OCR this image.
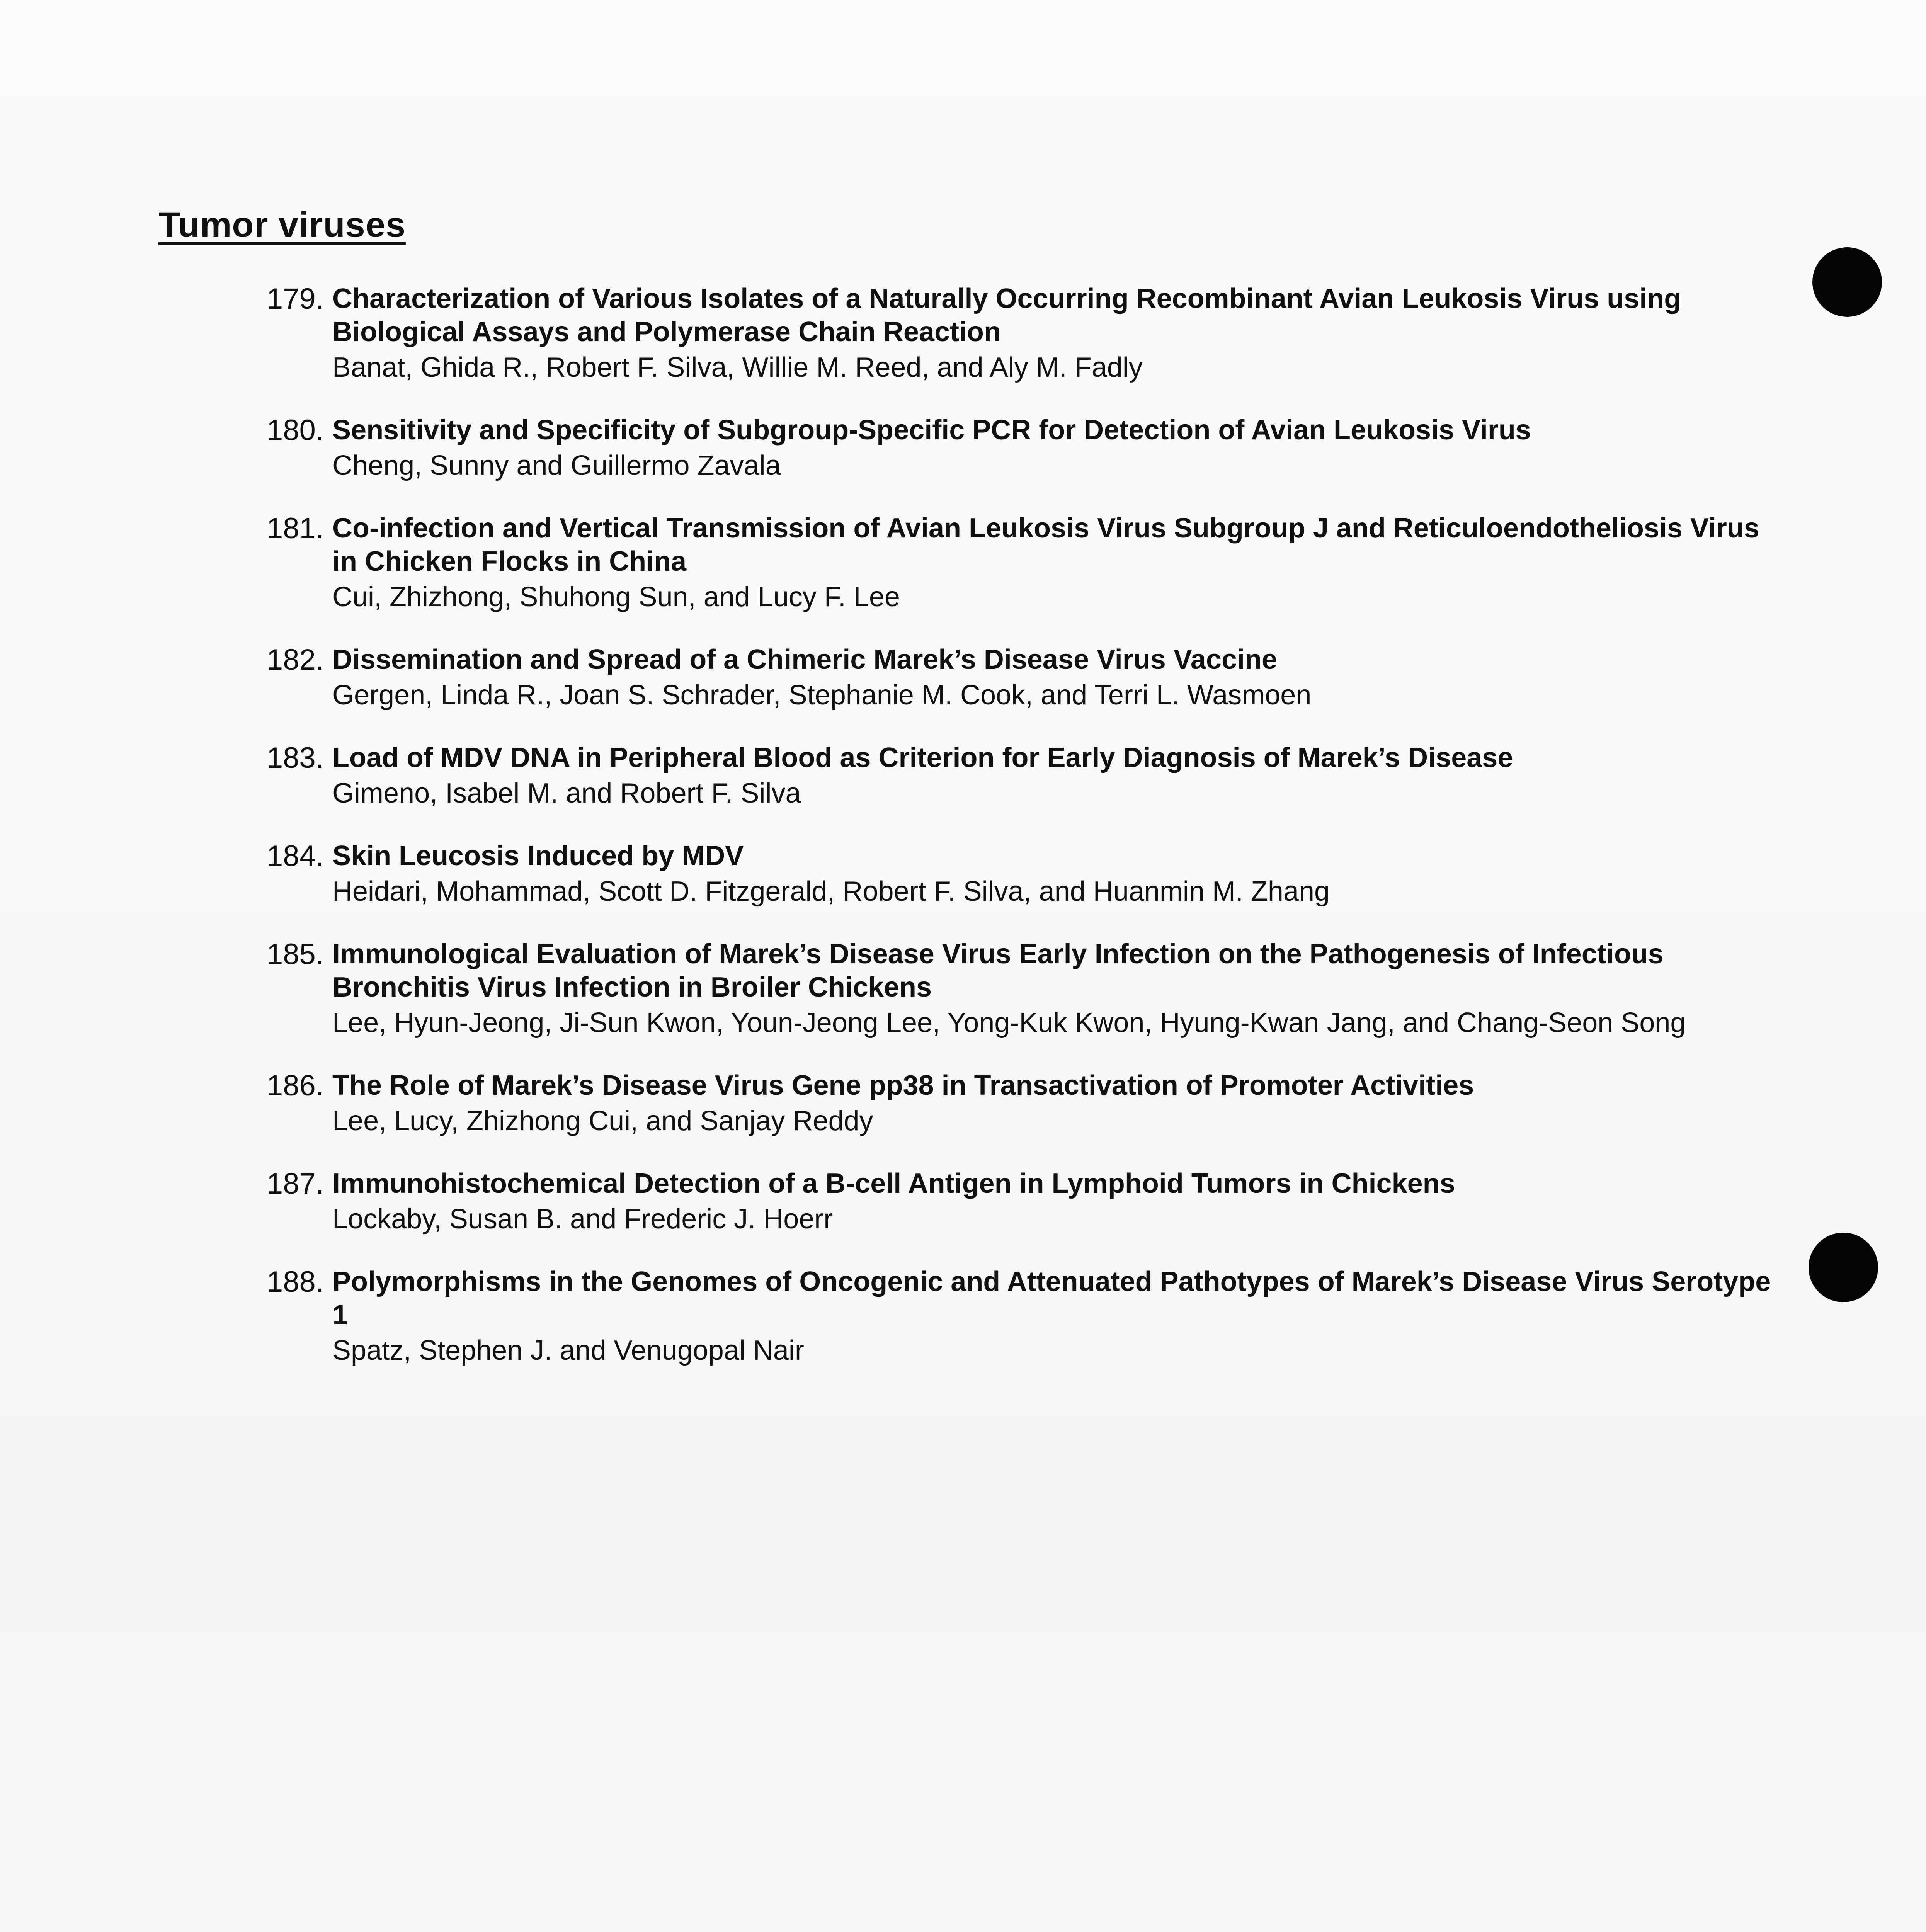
Tumor viruses
179. Characterization of Various Isolates of a Naturally Occurring Recombinant Avian Leukosis Virus using Biological Assays and Polymerase Chain Reaction
Banat, Ghida R., Robert F. Silva, Willie M. Reed, and Aly M. Fadly
180. Sensitivity and Specificity of Subgroup-Specific PCR for Detection of Avian Leukosis Virus
Cheng, Sunny and Guillermo Zavala
181. Co-infection and Vertical Transmission of Avian Leukosis Virus Subgroup J and Reticuloendotheliosis Virus in Chicken Flocks in China
Cui, Zhizhong, Shuhong Sun, and Lucy F. Lee
182. Dissemination and Spread of a Chimeric Marek’s Disease Virus Vaccine
Gergen, Linda R., Joan S. Schrader, Stephanie M. Cook, and Terri L. Wasmoen
183. Load of MDV DNA in Peripheral Blood as Criterion for Early Diagnosis of Marek’s Disease
Gimeno, Isabel M. and Robert F. Silva
184. Skin Leucosis Induced by MDV
Heidari, Mohammad, Scott D. Fitzgerald, Robert F. Silva, and Huanmin M. Zhang
185. Immunological Evaluation of Marek’s Disease Virus Early Infection on the Pathogenesis of Infectious Bronchitis Virus Infection in Broiler Chickens
Lee, Hyun-Jeong, Ji-Sun Kwon, Youn-Jeong Lee, Yong-Kuk Kwon, Hyung-Kwan Jang, and Chang-Seon Song
186. The Role of Marek’s Disease Virus Gene pp38 in Transactivation of Promoter Activities
Lee, Lucy, Zhizhong Cui, and Sanjay Reddy
187. Immunohistochemical Detection of a B-cell Antigen in Lymphoid Tumors in Chickens
Lockaby, Susan B. and Frederic J. Hoerr
188. Polymorphisms in the Genomes of Oncogenic and Attenuated Pathotypes of Marek’s Disease Virus Serotype 1
Spatz, Stephen J. and Venugopal Nair
